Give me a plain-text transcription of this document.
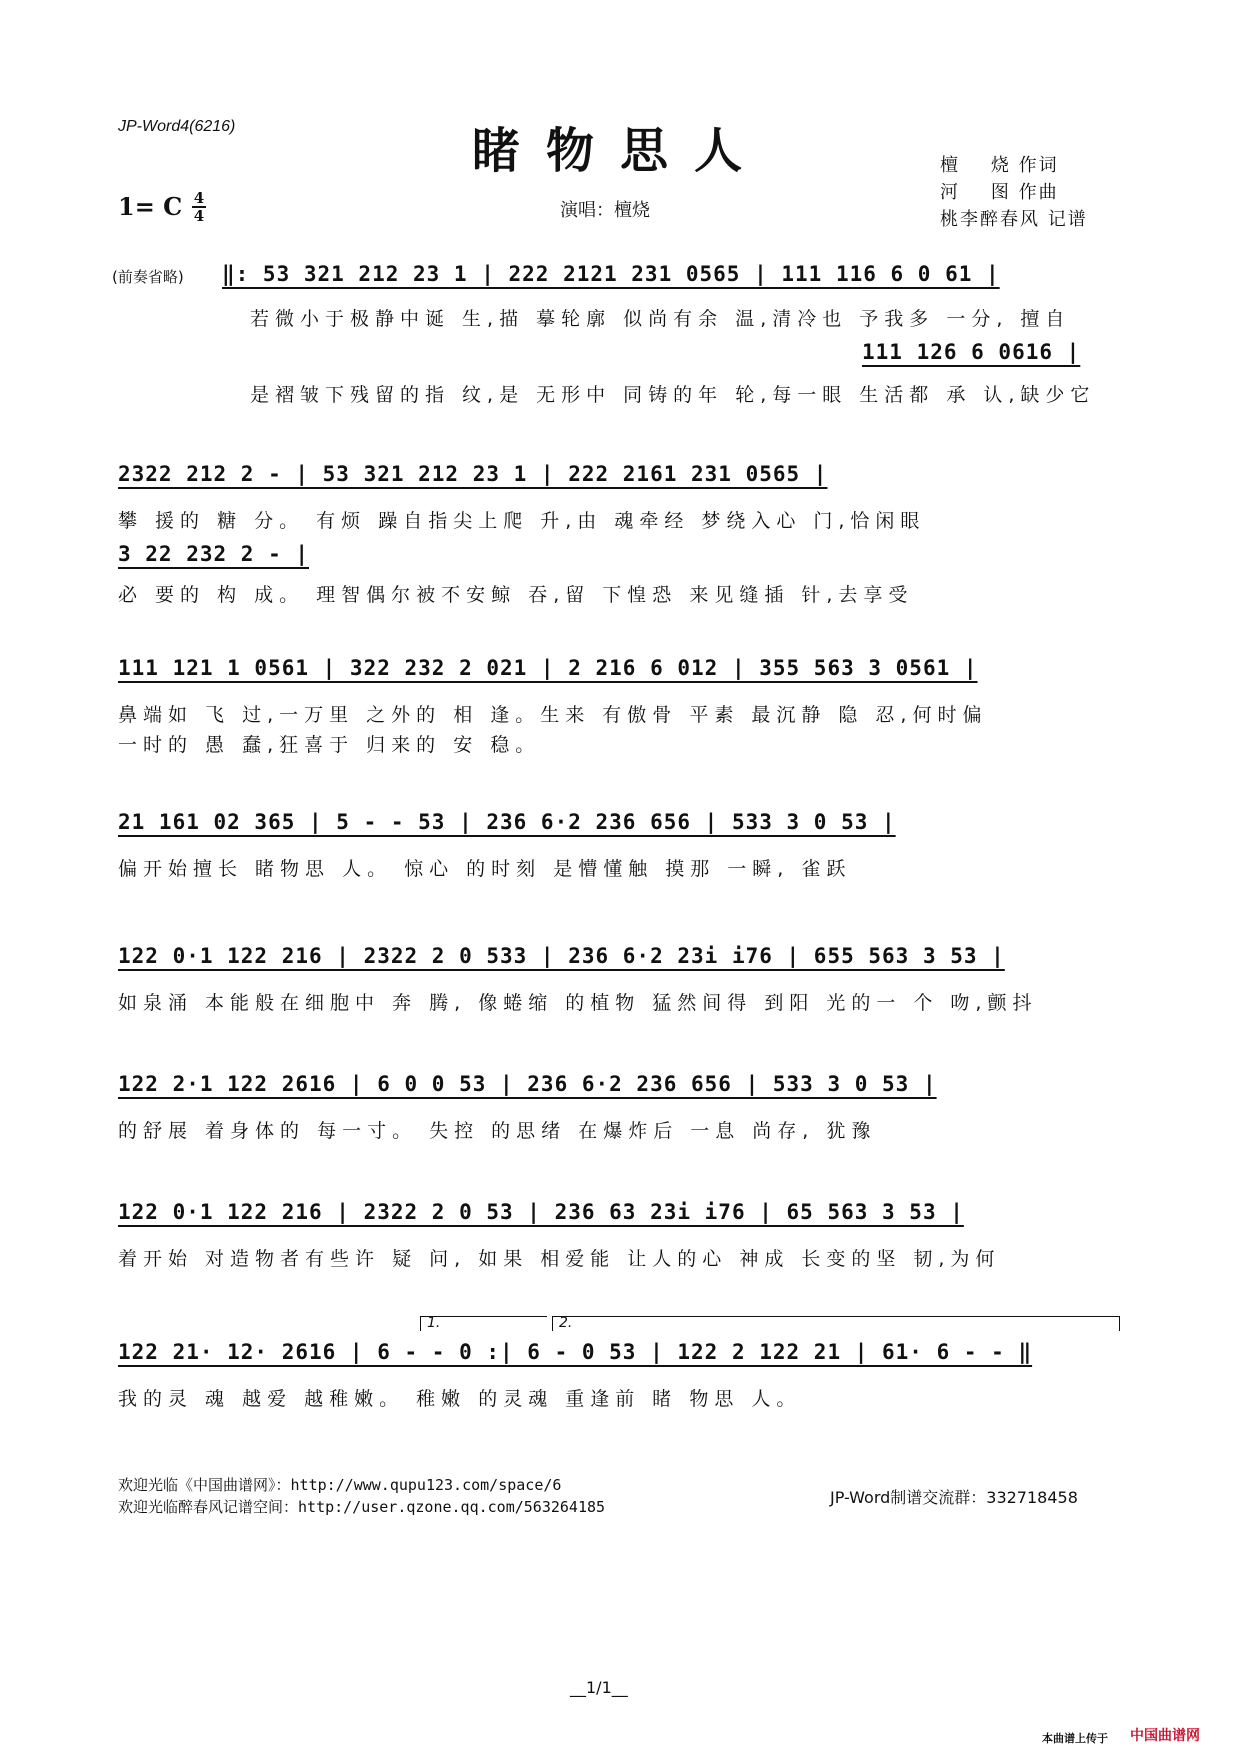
JP-Word4(6216)	睹物思人
1= C 4
4	演唱：檀烧
檀    烧 作词
河    图 作曲
桃李醉春风 记谱
(前奏省略) ‖: 53 321 212 23 1 | 222 2121 231 0565 | 111 116 6 0 61 |
若微小于极静中诞 生,描 摹轮廓 似尚有余 温,清冷也 予我多 一分, 擅自
111 126 6 0616 |
是褶皱下残留的指 纹,是 无形中 同铸的年 轮,每一眼 生活都 承 认,缺少它
2322 212 2 - | 53 321 212 23 1 | 222 2161 231 0565 |
攀 援的 糖 分。 有烦 躁自指尖上爬 升,由 魂牵经 梦绕入心 门,恰闲眼
3 22 232 2 - |
必 要的 构 成。 理智偶尔被不安鲸 吞,留 下惶恐 来见缝插 针,去享受
111 121 1 0561 | 322 232 2 021 | 2 216 6 012 | 355 563 3 0561 |
鼻端如 飞 过,一万里 之外的 相 逢。生来 有傲骨 平素 最沉静 隐 忍,何时偏
一时的 愚 蠢,狂喜于 归来的 安 稳。
21 161 02 365 | 5 - - 53 | 236 6·2 236 656 | 533 3 0 53 |
偏开始擅长 睹物思 人。 惊心 的时刻 是懵懂触 摸那 一瞬, 雀跃
122 0·1 122 216 | 2322 2 0 533 | 236 6·2 23i i76 | 655 563 3 53 |
如泉涌 本能般在细胞中 奔 腾, 像蜷缩 的植物 猛然间得 到阳 光的一 个 吻,颤抖
122 2·1 122 2616 | 6 0 0 53 | 236 6·2 236 656 | 533 3 0 53 |
的舒展 着身体的 每一寸。 失控 的思绪 在爆炸后 一息 尚存, 犹豫
122 0·1 122 216 | 2322 2 0 53 | 236 63 23i i76 | 65 563 3 53 |
着开始 对造物者有些许 疑 问, 如果 相爱能 让人的心 神成 长变的坚 韧,为何
1.	2.
122 21· 12· 2616 | 6 - - 0 :| 6 - 0 53 | 122 2 122 21 | 61· 6 - - ‖
我的灵 魂 越爱 越稚嫩。 稚嫩 的灵魂 重逢前 睹 物思 人。
欢迎光临《中国曲谱网》：http://www.qupu123.com/space/6
欢迎光临醉春风记谱空间：http://user.qzone.qq.com/563264185	JP-Word制谱交流群：332718458
__1/1__
本曲谱上传于 中国曲谱网
